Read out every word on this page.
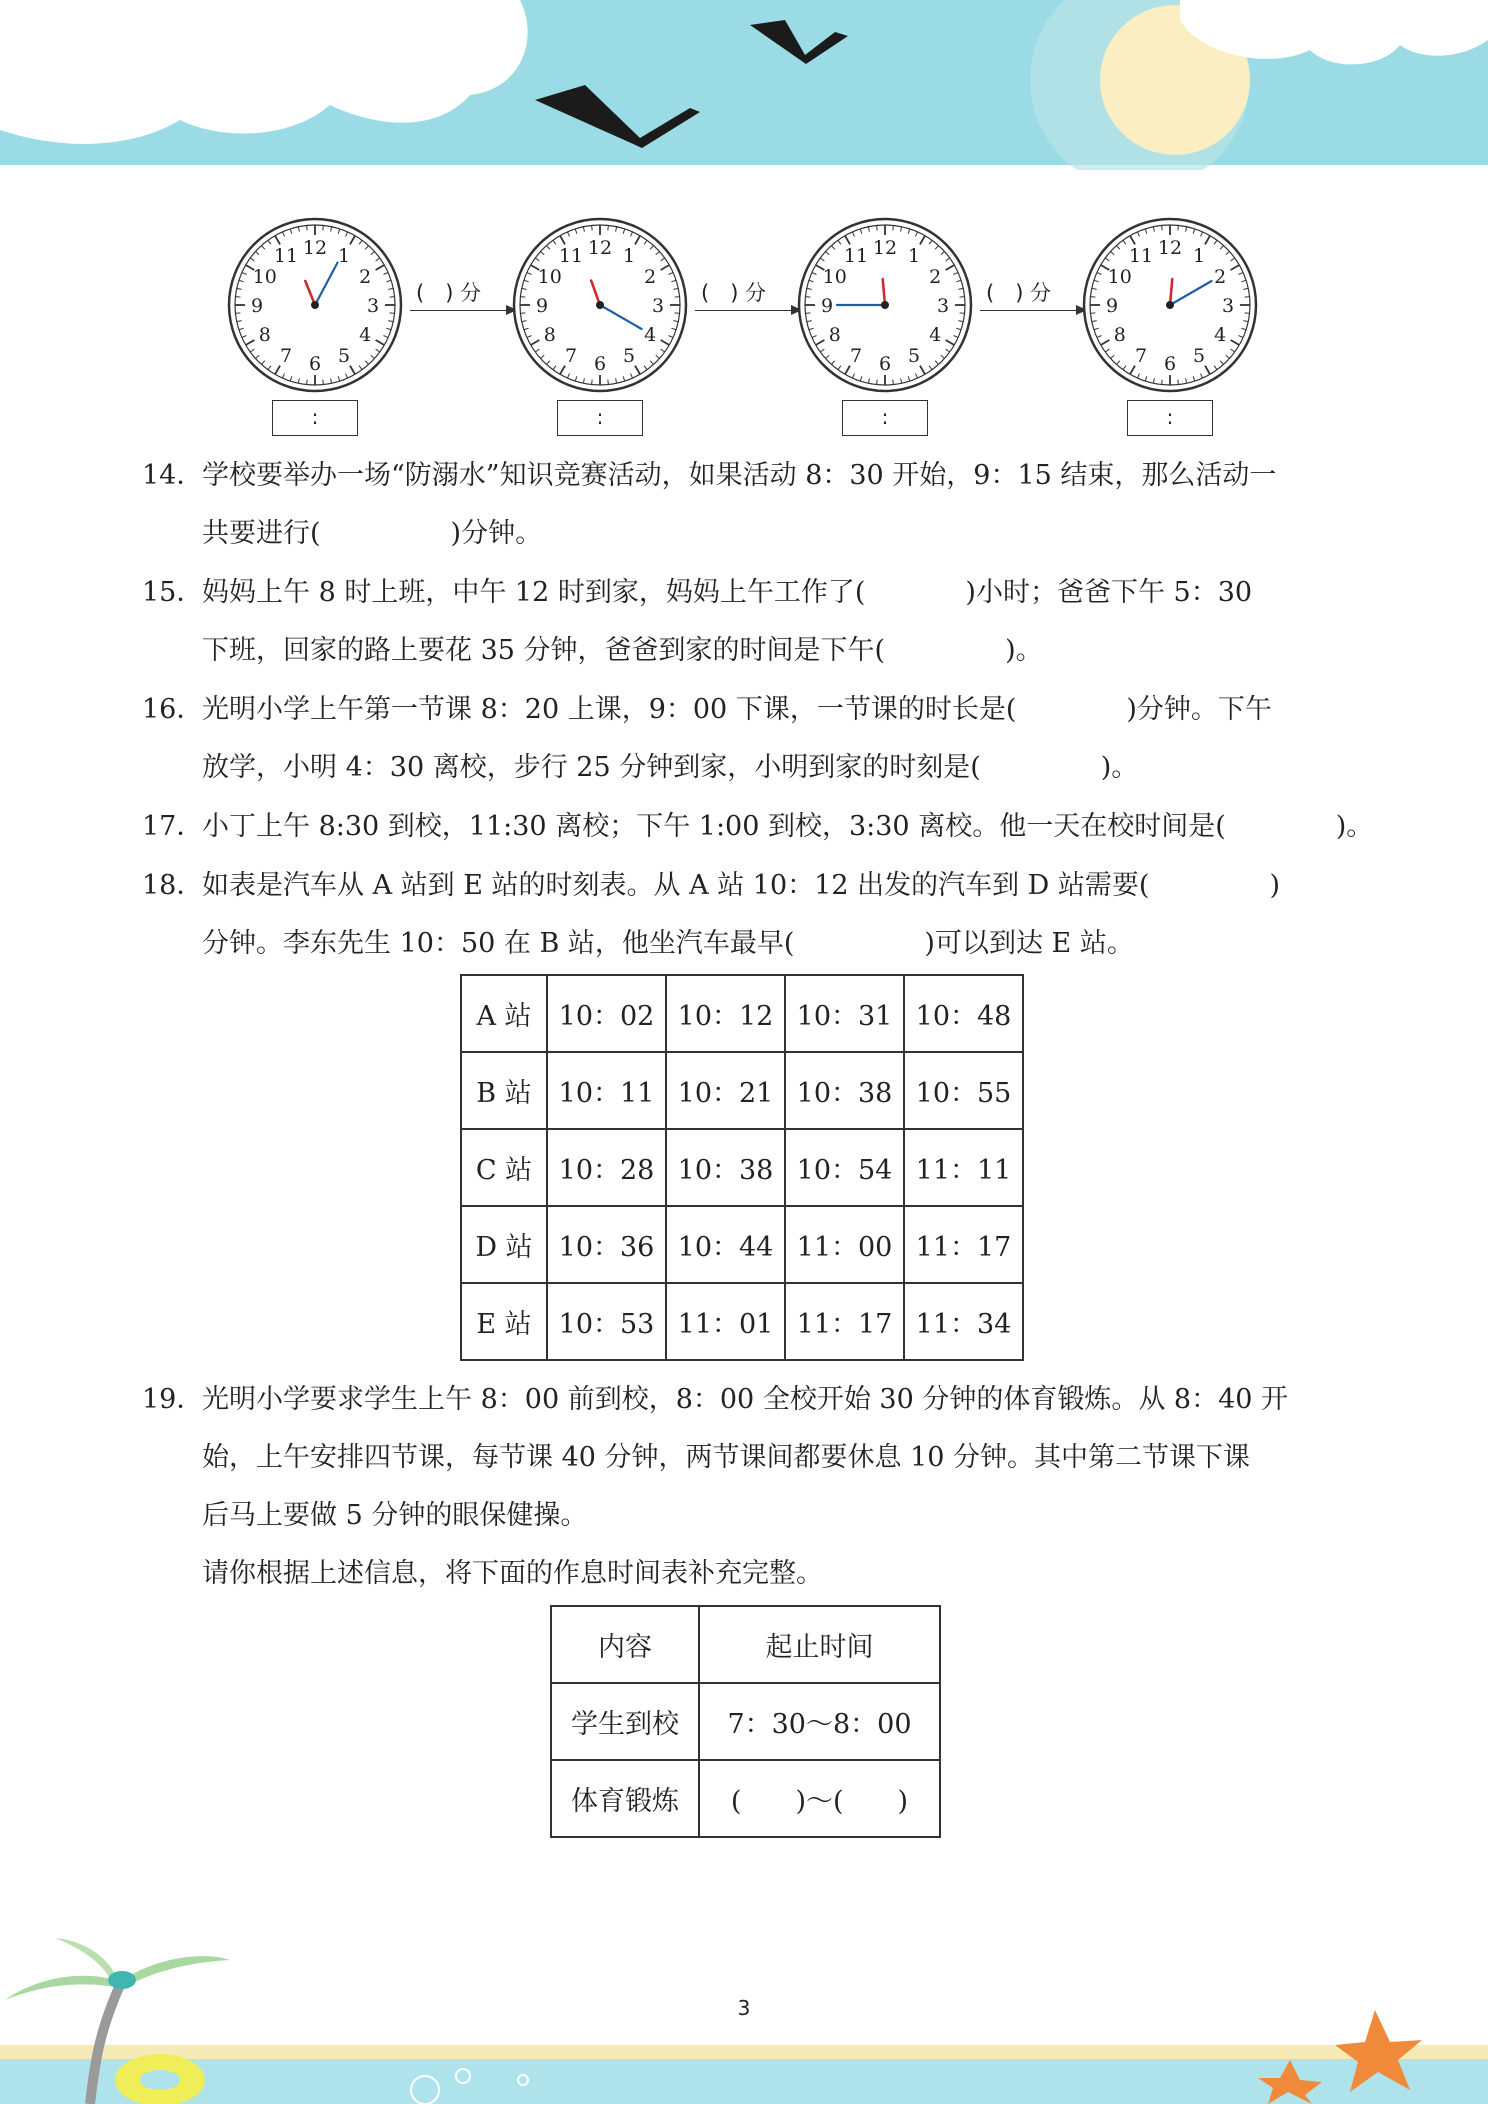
12 1
2
3
4
5
6
7
8
9
10
11
:
(　) 分
12 1
2
3
4
5
6
7
8
9
10
11
:
(　) 分
12 1
2
3
4
5
6
7
8
9
10
11
:
(　) 分
12 1
2
3
4
5
6
7
8
9
10
11
:
14．学校要举办一场“防溺水”知识竞赛活动，如果活动 8：30 开始，9：15 结束，那么活动一
共要进行(	)分钟。
15．妈妈上午 8 时上班，中午 12 时到家，妈妈上午工作了(	)小时；爸爸下午 5：30
下班，回家的路上要花 35 分钟，爸爸到家的时间是下午(	)。
16．光明小学上午第一节课 8：20 上课，9：00 下课，一节课的时长是(	)分钟。下午
放学，小明 4：30 离校，步行 25 分钟到家，小明到家的时刻是(	)。
17．小丁上午 8:30 到校，11:30 离校；下午 1:00 到校，3:30 离校。他一天在校时间是(	)。
18．如表是汽车从 A 站到 E 站的时刻表。从 A 站 10：12 出发的汽车到 D 站需要(	)
分钟。李东先生 10：50 在 B 站，他坐汽车最早(	)可以到达 E 站。
A 站	10：02	10：12	10：31	10：48
B 站	10：11	10：21	10：38	10：55
C 站	10：28	10：38	10：54	11：11
D 站	10：36	10：44	11：00	11：17
E 站	10：53	11：01	11：17	11：34
19．光明小学要求学生上午 8：00 前到校，8：00 全校开始 30 分钟的体育锻炼。从 8：40 开
始，上午安排四节课，每节课 40 分钟，两节课间都要休息 10 分钟。其中第二节课下课
后马上要做 5 分钟的眼保健操。
请你根据上述信息，将下面的作息时间表补充完整。
内容	起止时间
学生到校	7：30～8：00
体育锻炼	(　　)～(　　)
3
